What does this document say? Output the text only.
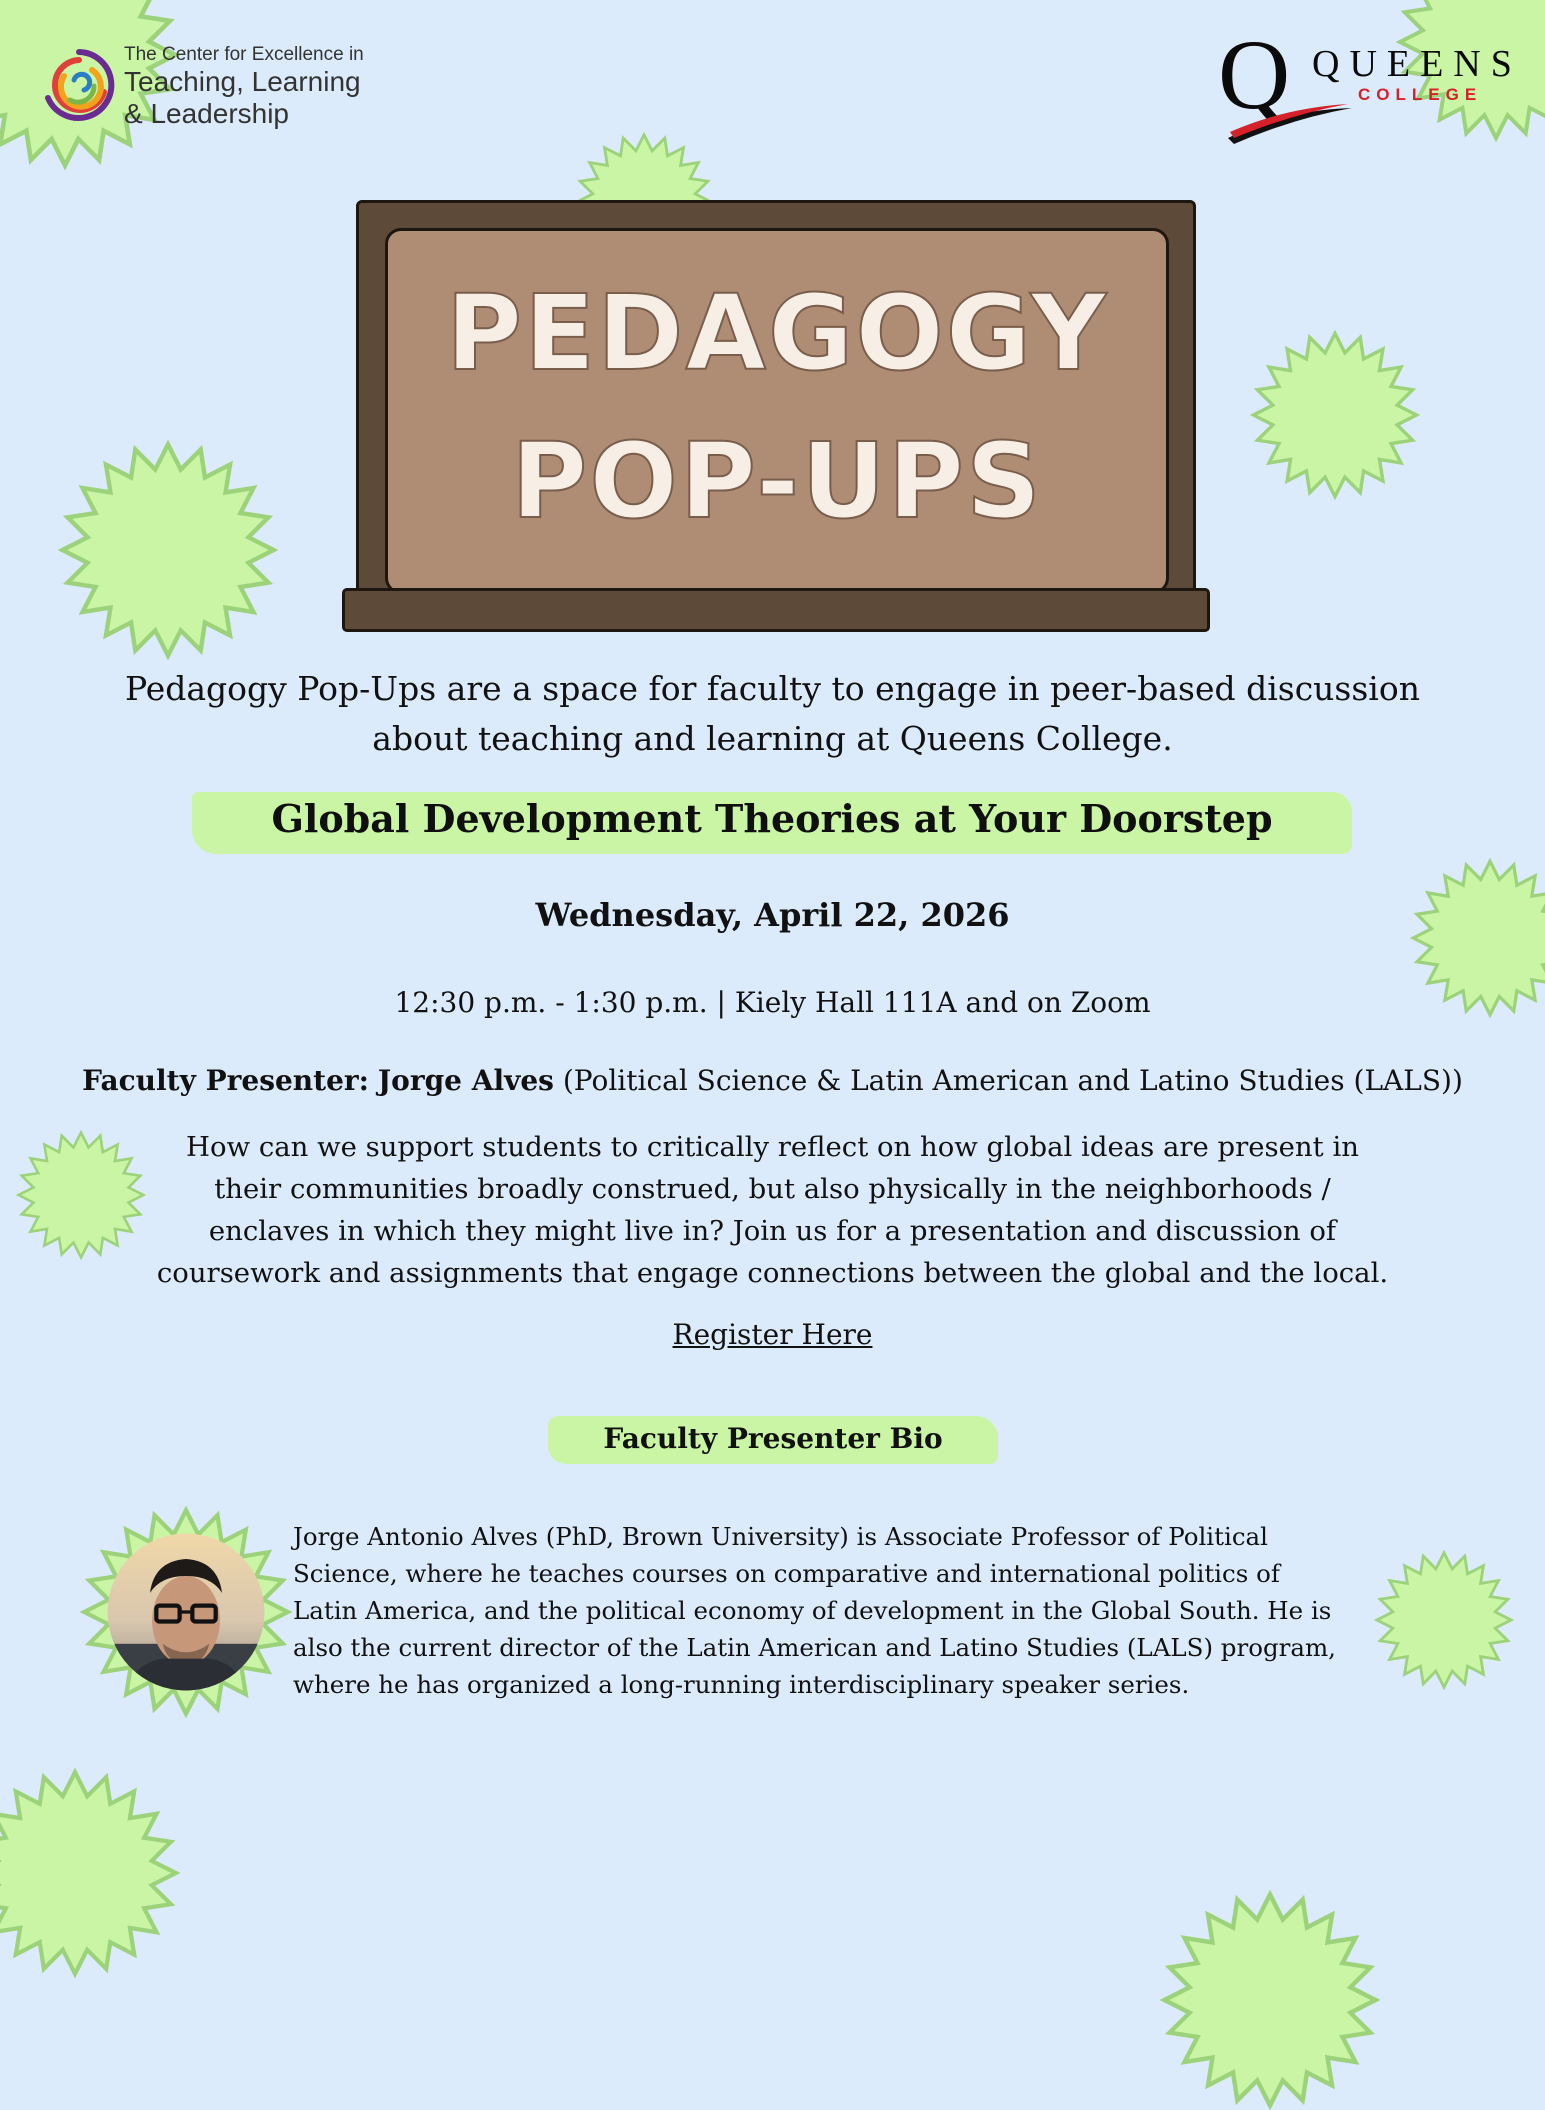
The Center for Excellence in
Teaching, Learning
& Leadership	Q QUEENS
COLLEGE
PEDAGOGY
POP-UPS
Pedagogy Pop-Ups are a space for faculty to engage in peer-based discussion about teaching and learning at Queens College.
Global Development Theories at Your Doorstep
Wednesday, April 22, 2026
12:30 p.m. - 1:30 p.m. | Kiely Hall 111A and on Zoom
Faculty Presenter: Jorge Alves (Political Science & Latin American and Latino Studies (LALS))
How can we support students to critically reflect on how global ideas are present in their communities broadly construed, but also physically in the neighborhoods / enclaves in which they might live in? Join us for a presentation and discussion of coursework and assignments that engage connections between the global and the local.
Register Here
Faculty Presenter Bio
Jorge Antonio Alves (PhD, Brown University) is Associate Professor of Political Science, where he teaches courses on comparative and international politics of Latin America, and the political economy of development in the Global South. He is also the current director of the Latin American and Latino Studies (LALS) program, where he has organized a long-running interdisciplinary speaker series.
